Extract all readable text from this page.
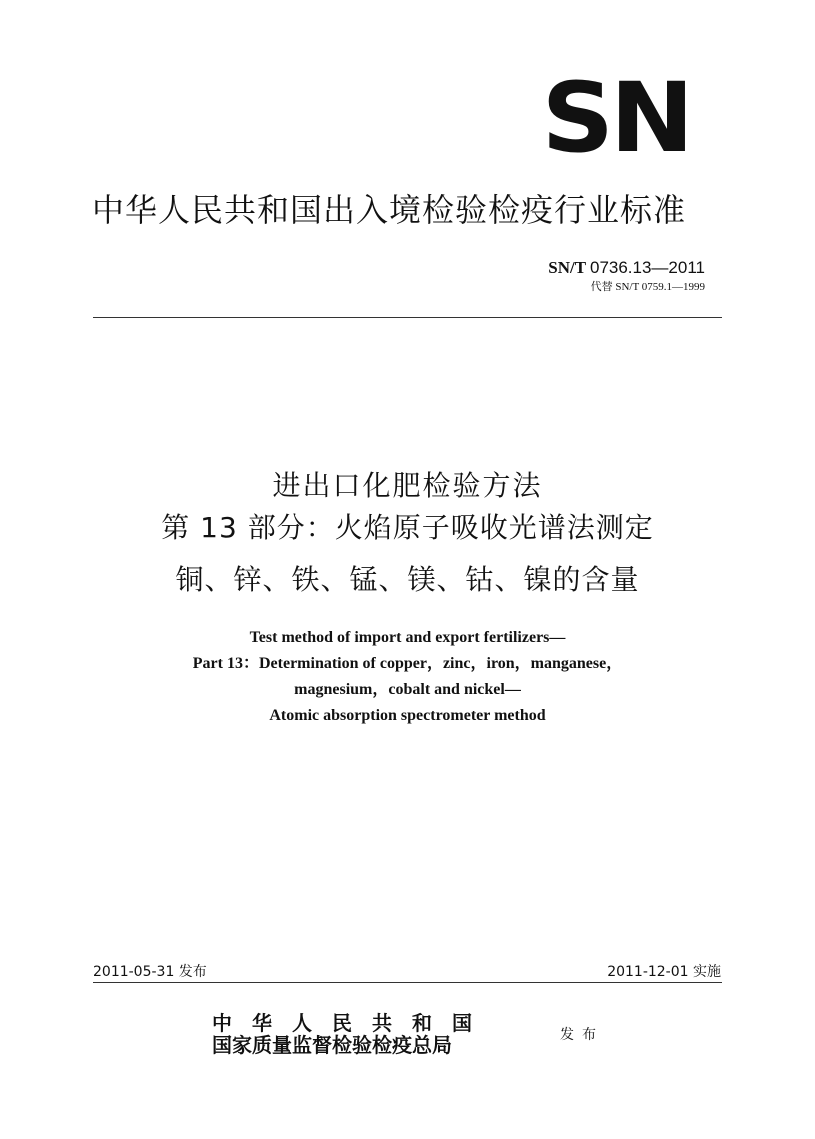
SN
中华人民共和国出入境检验检疫行业标准
SN/T 0736.13—2011
代替 SN/T 0759.1—1999
进出口化肥检验方法
第 13 部分：火焰原子吸收光谱法测定
铜、锌、铁、锰、镁、钴、镍的含量
Test method of import and export fertilizers—
Part 13：Determination of copper，zinc，iron，manganese，
magnesium，cobalt and nickel—
Atomic absorption spectrometer method
2011-05-31 发布	2011-12-01 实施
中华人民共和国
国家质量监督检验检疫总局	发布
